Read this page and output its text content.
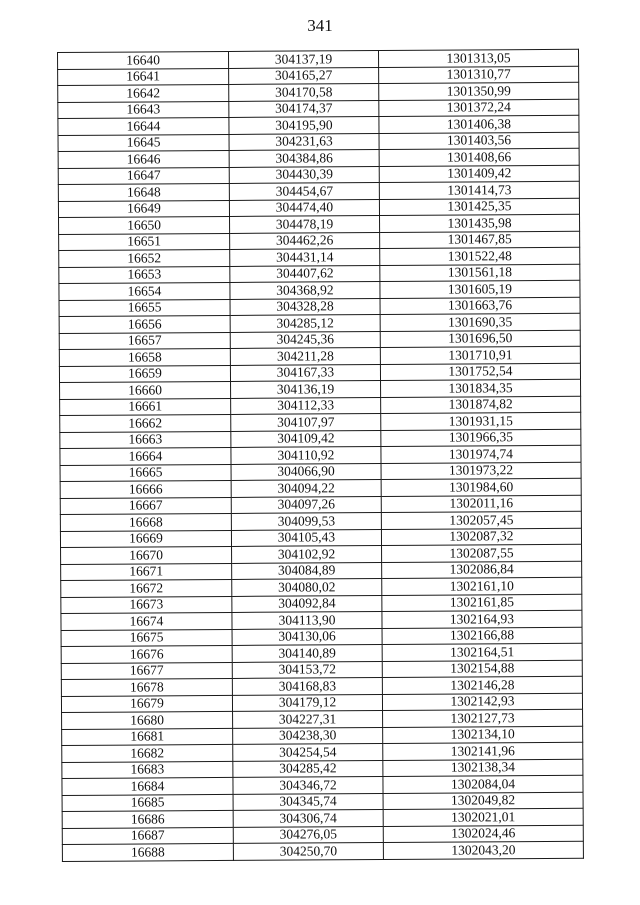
341
16640	304137,19	1301313,05
16641	304165,27	1301310,77
16642	304170,58	1301350,99
16643	304174,37	1301372,24
16644	304195,90	1301406,38
16645	304231,63	1301403,56
16646	304384,86	1301408,66
16647	304430,39	1301409,42
16648	304454,67	1301414,73
16649	304474,40	1301425,35
16650	304478,19	1301435,98
16651	304462,26	1301467,85
16652	304431,14	1301522,48
16653	304407,62	1301561,18
16654	304368,92	1301605,19
16655	304328,28	1301663,76
16656	304285,12	1301690,35
16657	304245,36	1301696,50
16658	304211,28	1301710,91
16659	304167,33	1301752,54
16660	304136,19	1301834,35
16661	304112,33	1301874,82
16662	304107,97	1301931,15
16663	304109,42	1301966,35
16664	304110,92	1301974,74
16665	304066,90	1301973,22
16666	304094,22	1301984,60
16667	304097,26	1302011,16
16668	304099,53	1302057,45
16669	304105,43	1302087,32
16670	304102,92	1302087,55
16671	304084,89	1302086,84
16672	304080,02	1302161,10
16673	304092,84	1302161,85
16674	304113,90	1302164,93
16675	304130,06	1302166,88
16676	304140,89	1302164,51
16677	304153,72	1302154,88
16678	304168,83	1302146,28
16679	304179,12	1302142,93
16680	304227,31	1302127,73
16681	304238,30	1302134,10
16682	304254,54	1302141,96
16683	304285,42	1302138,34
16684	304346,72	1302084,04
16685	304345,74	1302049,82
16686	304306,74	1302021,01
16687	304276,05	1302024,46
16688	304250,70	1302043,20
